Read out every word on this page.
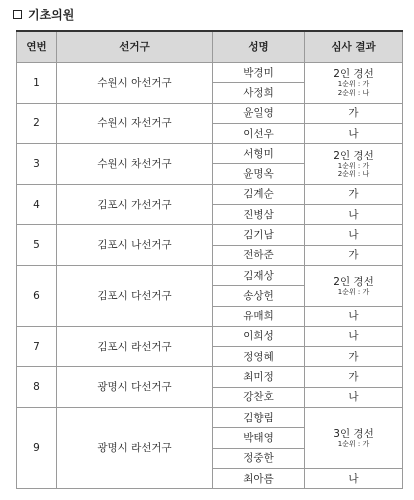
기초의원
연번	선거구	성명	심사 결과
1	수원시 아선거구	박경미	2인 경선
1순위 : 가
2순위 : 나

		사정희	
2	수원시 자선거구	윤일영	가

		이선우	나

3	수원시 차선거구	서형미	2인 경선
1순위 : 가
2순위 : 나

		윤명옥	
4	김포시 가선거구	김계순	가

		진병삼	나

5	김포시 나선거구	김기남	나

		전하준	가

6	김포시 다선거구	김재상	2인 경선
1순위 : 가

		송상헌	
		유매희	나

7	김포시 라선거구	이희성	나

		정영혜	가

8	광명시 다선거구	최미정	가

		강찬호	나

9	광명시 라선거구	김향림	3인 경선
1순위 : 가

		박태영	
		정중한	
		최아름	나
